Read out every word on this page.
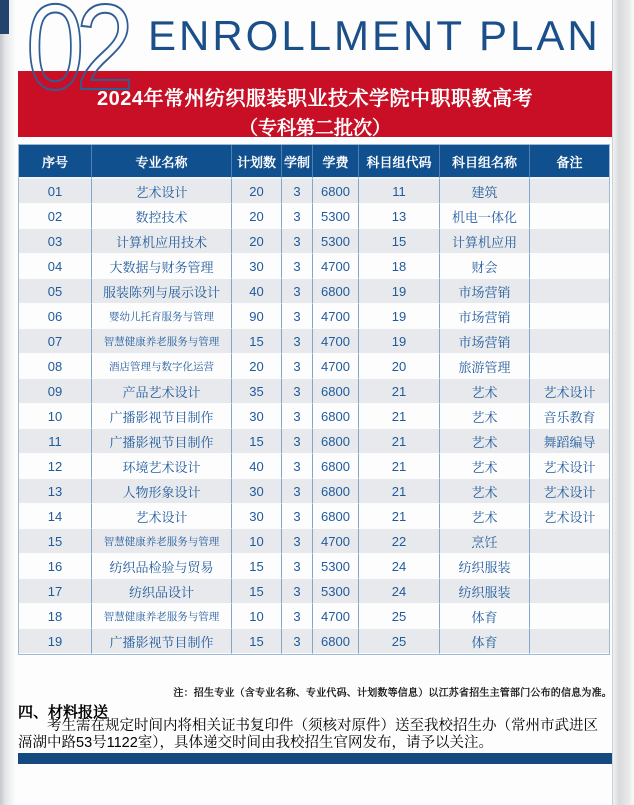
02 ENROLLMENT PLAN
2024年常州纺织服装职业技术学院中职职教高考
（专科第二批次）
序号	专业名称	计划数	学制	学费	科目组代码	科目组名称	备注
01	艺术设计	20	3	6800	11	建筑	
02	数控技术	20	3	5300	13	机电一体化	
03	计算机应用技术	20	3	5300	15	计算机应用	
04	大数据与财务管理	30	3	4700	18	财会	
05	服装陈列与展示设计	40	3	6800	19	市场营销	
06	婴幼儿托育服务与管理	90	3	4700	19	市场营销	
07	智慧健康养老服务与管理	15	3	4700	19	市场营销	
08	酒店管理与数字化运营	20	3	4700	20	旅游管理	
09	产品艺术设计	35	3	6800	21	艺术	艺术设计
10	广播影视节目制作	30	3	6800	21	艺术	音乐教育
11	广播影视节目制作	15	3	6800	21	艺术	舞蹈编导
12	环境艺术设计	40	3	6800	21	艺术	艺术设计
13	人物形象设计	30	3	6800	21	艺术	艺术设计
14	艺术设计	30	3	6800	21	艺术	艺术设计
15	智慧健康养老服务与管理	10	3	4700	22	烹饪	
16	纺织品检验与贸易	15	3	5300	24	纺织服装	
17	纺织品设计	15	3	5300	24	纺织服装	
18	智慧健康养老服务与管理	10	3	4700	25	体育	
19	广播影视节目制作	15	3	6800	25	体育	
注：招生专业（含专业名称、专业代码、计划数等信息）以江苏省招生主管部门公布的信息为准。
四、材料报送

考生需在规定时间内将相关证书复印件（须核对原件）送至我校招生办（常州市武进区滆湖中路53号1122室），具体递交时间由我校招生官网发布，请予以关注。
